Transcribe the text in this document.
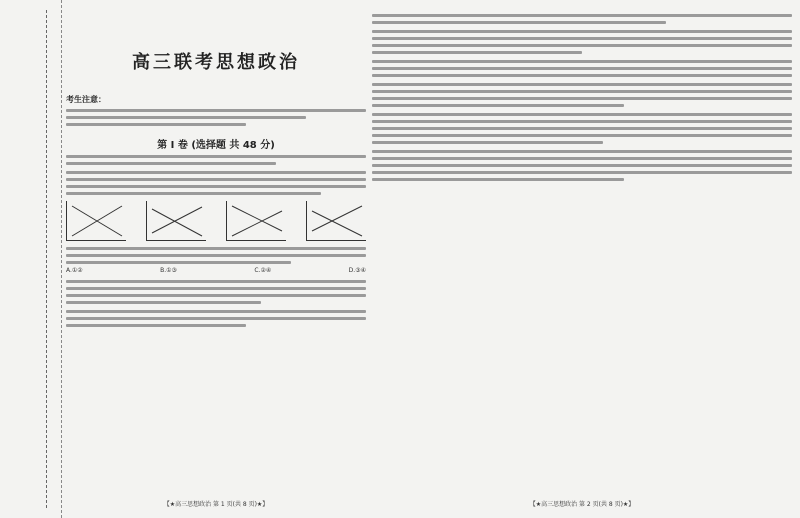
高三联考思想政治
考生注意：
第 Ⅰ 卷 (选择题 共 48 分)
A.①②	B.①③	C.②④	D.③④
【★高三思想政治 第 1 页(共 8 页)★】	【★高三思想政治 第 2 页(共 8 页)★】
